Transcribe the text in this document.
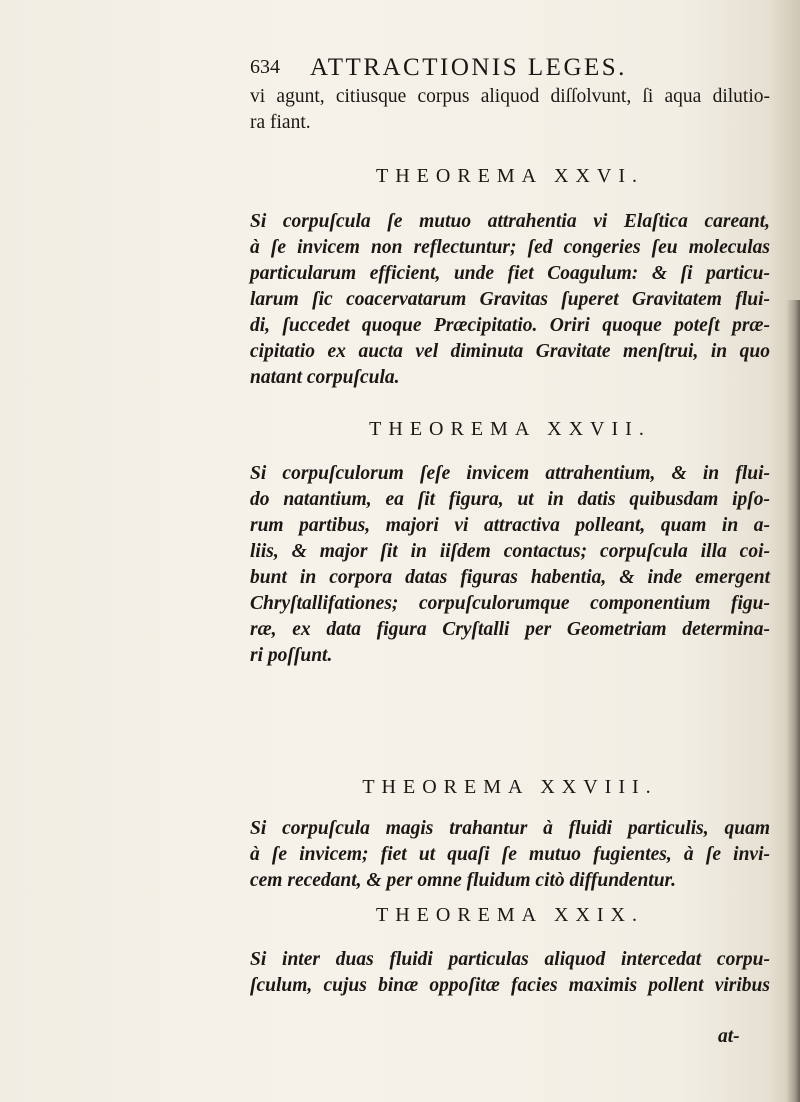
634 ATTRACTIONIS LEGES.
vi agunt, citiusque corpus aliquod diſſolvunt, ſi aqua dilutio-
ra fiant.
THEOREMA XXVI.
Si corpuſcula ſe mutuo attrahentia vi Elaſtica careant,
à ſe invicem non reflectuntur; ſed congeries ſeu moleculas
particularum efficient, unde fiet Coagulum: & ſi particu-
larum ſic coacervatarum Gravitas ſuperet Gravitatem flui-
di, ſuccedet quoque Præcipitatio. Oriri quoque poteſt præ-
cipitatio ex aucta vel diminuta Gravitate menſtrui, in quo
natant corpuſcula.
THEOREMA XXVII.
Si corpuſculorum ſeſe invicem attrahentium, & in flui-
do natantium, ea ſit figura, ut in datis quibusdam ipſo-
rum partibus, majori vi attractiva polleant, quam in a-
liis, & major ſit in iiſdem contactus; corpuſcula illa coi-
bunt in corpora datas figuras habentia, & inde emergent
Chryſtallifationes; corpuſculorumque componentium figu-
ræ, ex data figura Cryſtalli per Geometriam determina-
ri poſſunt.
THEOREMA XXVIII.
Si corpuſcula magis trahantur à fluidi particulis, quam
à ſe invicem; fiet ut quaſi ſe mutuo fugientes, à ſe invi-
cem recedant, & per omne fluidum citò diffundentur.
THEOREMA XXIX.
Si inter duas fluidi particulas aliquod intercedat corpu-
ſculum, cujus binæ oppoſitæ facies maximis pollent viribus
at-
